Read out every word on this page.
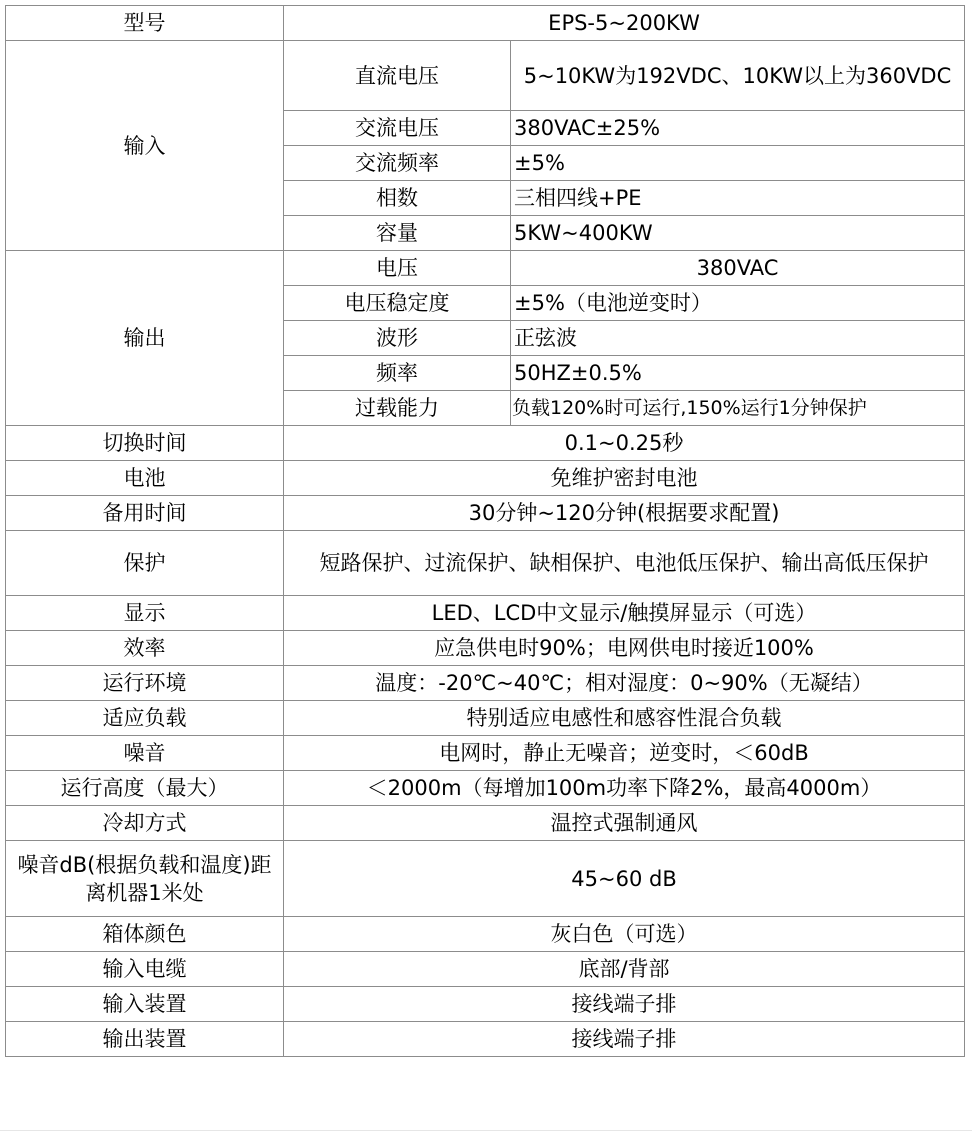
型号	EPS-5~200KW	
输入	直流电压	5~10KW为192VDC、10KW以上为360VDC
	交流电压	380VAC±25%
	交流频率	±5%
	相数	三相四线+PE
	容量	5KW~400KW
输出	电压	380VAC
	电压稳定度	±5%（电池逆变时）
	波形	正弦波
	频率	50HZ±0.5%
	过载能力	负载120%时可运行,150%运行1分钟保护
切换时间	0.1~0.25秒	
电池	免维护密封电池	
备用时间	30分钟~120分钟(根据要求配置)	
保护	短路保护、过流保护、缺相保护、电池低压保护、输出高低压保护	
显示	LED、LCD中文显示/触摸屏显示（可选）	
效率	应急供电时90%；电网供电时接近100%	
运行环境	温度：-20℃~40℃；相对湿度：0~90%（无凝结）	
适应负载	特别适应电感性和感容性混合负载	
噪音	电网时，静止无噪音；逆变时，＜60dB	
运行高度（最大）	＜2000m（每增加100m功率下降2%，最高4000m）	
冷却方式	温控式强制通风	
噪音dB(根据负载和温度)距离机器1米处	45~60 dB	
箱体颜色	灰白色（可选）	
输入电缆	底部/背部	
输入装置	接线端子排	
输出装置	接线端子排	
